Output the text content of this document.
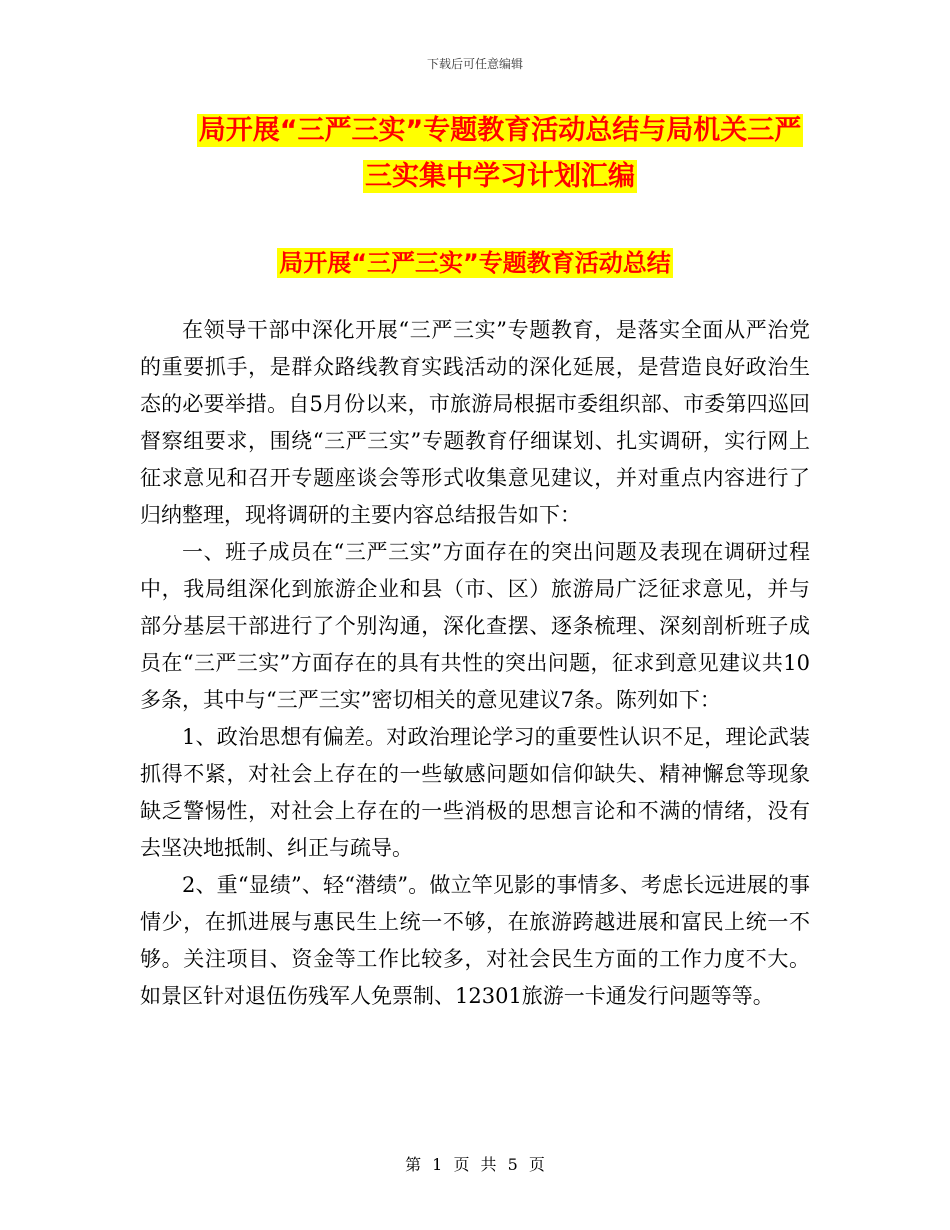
下载后可任意编辑
局开展“三严三实”专题教育活动总结与局机关三严
三实集中学习计划汇编
局开展“三严三实”专题教育活动总结

在领导干部中深化开展“三严三实”专题教育，是落实全面从严治党的重要抓手，是群众路线教育实践活动的深化延展，是营造良好政治生态的必要举措。自5月份以来，市旅游局根据市委组织部、市委第四巡回督察组要求，围绕“三严三实”专题教育仔细谋划、扎实调研，实行网上征求意见和召开专题座谈会等形式收集意见建议，并对重点内容进行了归纳整理，现将调研的主要内容总结报告如下：

一、班子成员在“三严三实”方面存在的突出问题及表现在调研过程中，我局组深化到旅游企业和县（市、区）旅游局广泛征求意见，并与部分基层干部进行了个别沟通，深化查摆、逐条梳理、深刻剖析班子成员在“三严三实”方面存在的具有共性的突出问题，征求到意见建议共10多条，其中与“三严三实”密切相关的意见建议7条。陈列如下：

1、政治思想有偏差。对政治理论学习的重要性认识不足，理论武装抓得不紧，对社会上存在的一些敏感问题如信仰缺失、精神懈怠等现象缺乏警惕性，对社会上存在的一些消极的思想言论和不满的情绪，没有去坚决地抵制、纠正与疏导。

2、重“显绩”、轻“潜绩”。做立竿见影的事情多、考虑长远进展的事情少，在抓进展与惠民生上统一不够，在旅游跨越进展和富民上统一不够。关注项目、资金等工作比较多，对社会民生方面的工作力度不大。如景区针对退伍伤残军人免票制、12301旅游一卡通发行问题等等。

第 1 页 共 5 页
